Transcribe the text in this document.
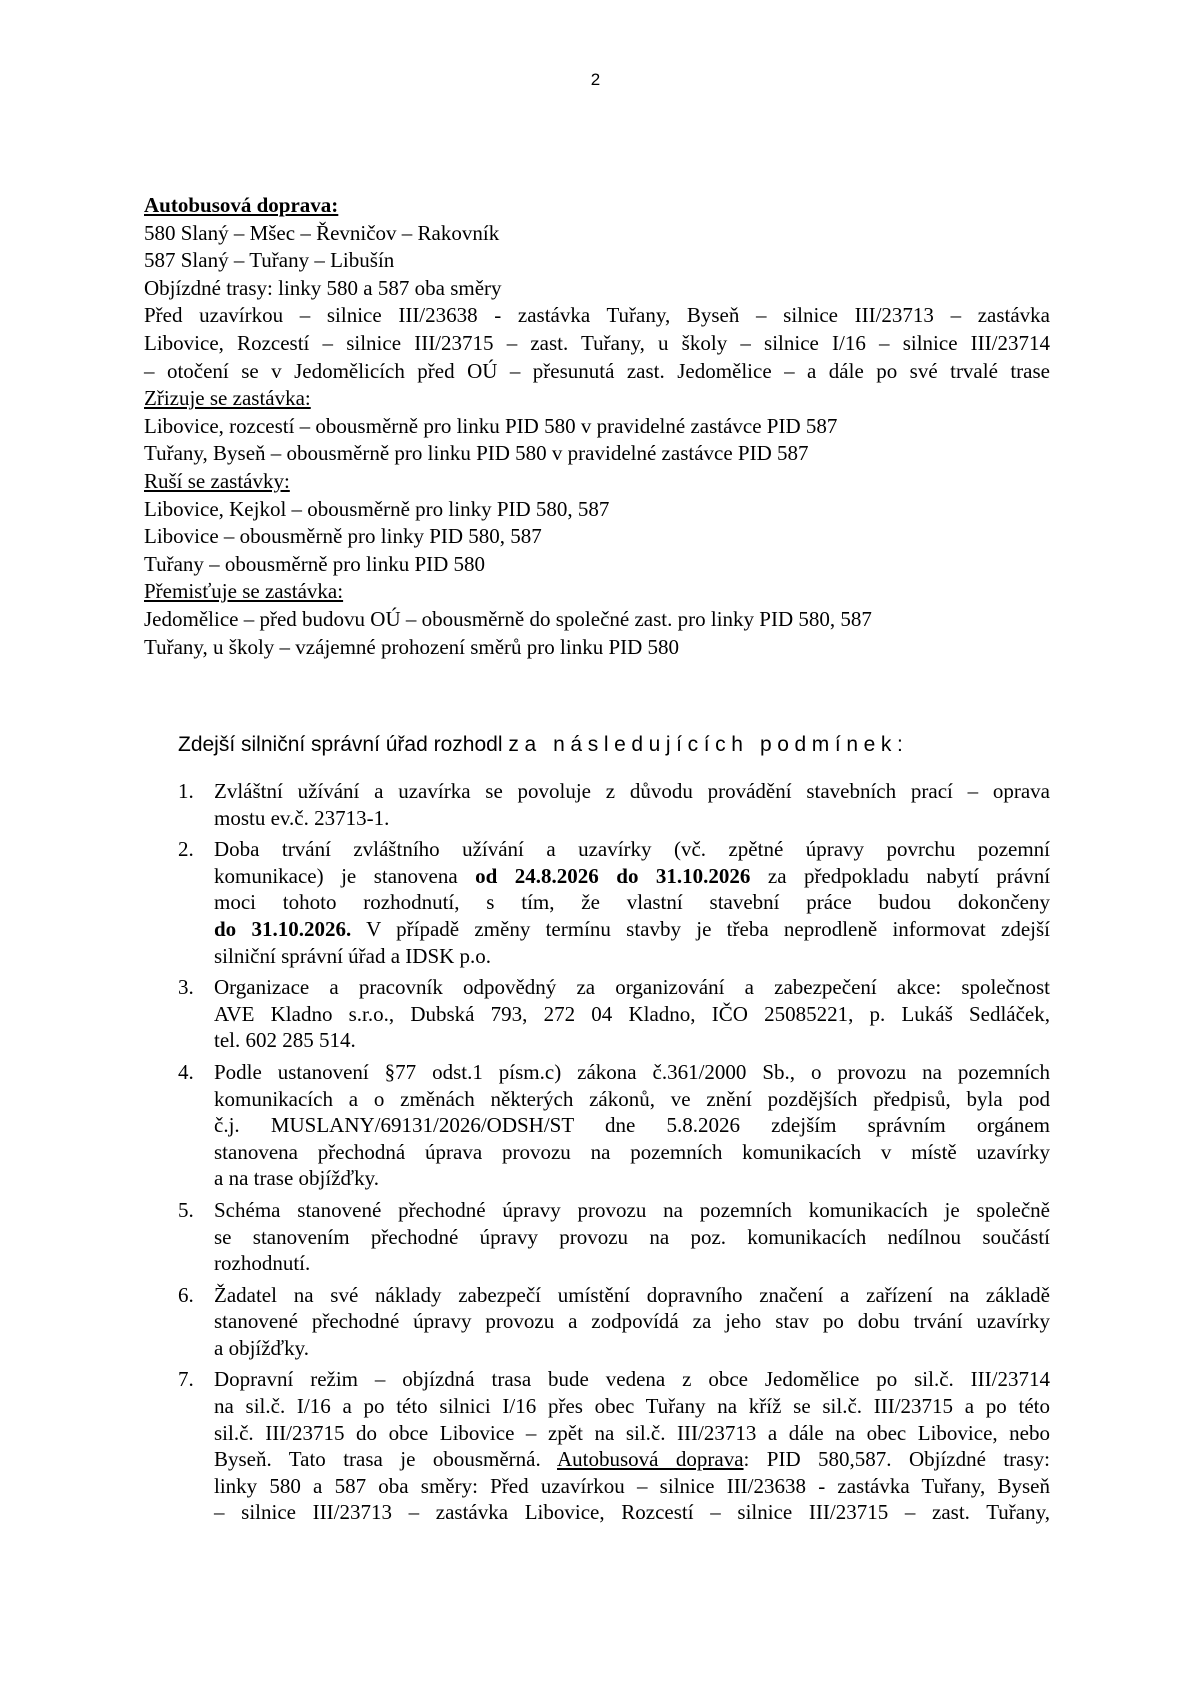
2
Autobusová doprava:
580 Slaný – Mšec – Řevničov – Rakovník
587 Slaný – Tuřany – Libušín
Objízdné trasy: linky 580 a 587 oba směry
Před uzavírkou – silnice III/23638 - zastávka Tuřany, Byseň – silnice III/23713 – zastávka
Libovice, Rozcestí – silnice III/23715 – zast. Tuřany, u školy – silnice I/16 – silnice III/23714
– otočení se v Jedomělicích před OÚ – přesunutá zast. Jedomělice – a dále po své trvalé trase
Zřizuje se zastávka:
Libovice, rozcestí – obousměrně pro linku PID 580 v pravidelné zastávce PID 587
Tuřany, Byseň – obousměrně pro linku PID 580 v pravidelné zastávce PID 587
Ruší se zastávky:
Libovice, Kejkol – obousměrně pro linky PID 580, 587
Libovice – obousměrně pro linky PID 580, 587
Tuřany – obousměrně pro linku PID 580
Přemisťuje se zastávka:
Jedomělice – před budovu OÚ – obousměrně do společné zast. pro linky PID 580, 587
Tuřany, u školy – vzájemné prohození směrů pro linku PID 580
Zdejší silniční správní úřad rozhodl za následujících podmínek:
1. Zvláštní užívání a uzavírka se povoluje z důvodu provádění stavebních prací – oprava
mostu ev.č. 23713-1.
2. Doba trvání zvláštního užívání a uzavírky (vč. zpětné úpravy povrchu pozemní
komunikace) je stanovena od 24.8.2026 do 31.10.2026 za předpokladu nabytí právní
moci tohoto rozhodnutí, s tím, že vlastní stavební práce budou dokončeny
do 31.10.2026. V případě změny termínu stavby je třeba neprodleně informovat zdejší
silniční správní úřad a IDSK p.o.
3. Organizace a pracovník odpovědný za organizování a zabezpečení akce: společnost
AVE Kladno s.r.o., Dubská 793, 272 04 Kladno, IČO 25085221, p. Lukáš Sedláček,
tel. 602 285 514.
4. Podle ustanovení §77 odst.1 písm.c) zákona č.361/2000 Sb., o provozu na pozemních
komunikacích a o změnách některých zákonů, ve znění pozdějších předpisů, byla pod
č.j. MUSLANY/69131/2026/ODSH/ST dne 5.8.2026 zdejším správním orgánem
stanovena přechodná úprava provozu na pozemních komunikacích v místě uzavírky
a na trase objížďky.
5. Schéma stanovené přechodné úpravy provozu na pozemních komunikacích je společně
se stanovením přechodné úpravy provozu na poz. komunikacích nedílnou součástí
rozhodnutí.
6. Žadatel na své náklady zabezpečí umístění dopravního značení a zařízení na základě
stanovené přechodné úpravy provozu a zodpovídá za jeho stav po dobu trvání uzavírky
a objížďky.
7. Dopravní režim – objízdná trasa bude vedena z obce Jedomělice po sil.č. III/23714
na sil.č. I/16 a po této silnici I/16 přes obec Tuřany na kříž se sil.č. III/23715 a po této
sil.č. III/23715 do obce Libovice – zpět na sil.č. III/23713 a dále na obec Libovice, nebo
Byseň. Tato trasa je obousměrná. Autobusová doprava: PID 580,587. Objízdné trasy:
linky 580 a 587 oba směry: Před uzavírkou – silnice III/23638 - zastávka Tuřany, Byseň
– silnice III/23713 – zastávka Libovice, Rozcestí – silnice III/23715 – zast. Tuřany,
